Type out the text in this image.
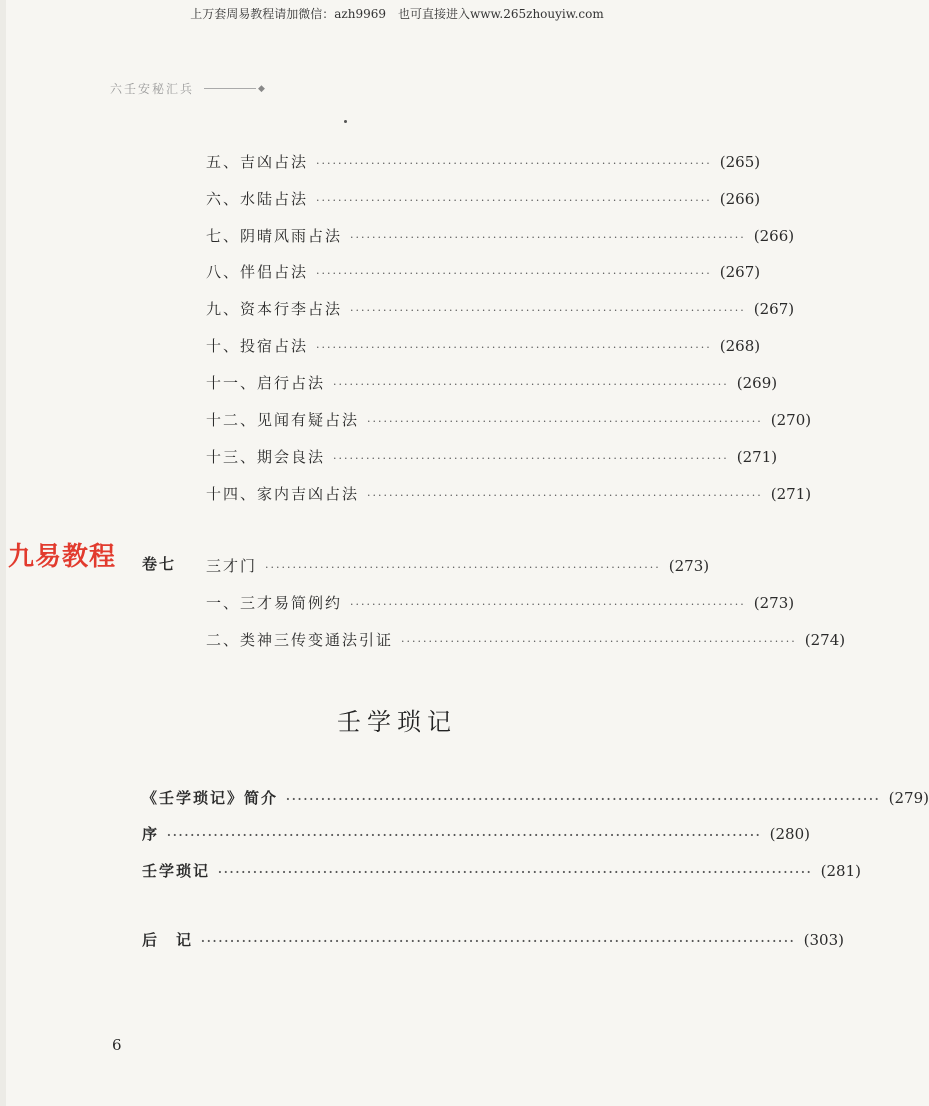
上万套周易教程请加微信：azh9969　也可直接进入www.265zhouyiw.com
六壬安秘汇兵	◆
五、吉凶占法 ········································································ (265)
六、水陆占法 ········································································ (266)
七、阴晴风雨占法 ········································································ (266)
八、伴侣占法 ········································································ (267)
九、资本行李占法 ········································································ (267)
十、投宿占法 ········································································ (268)
十一、启行占法 ········································································ (269)
十二、见闻有疑占法 ········································································ (270)
十三、期会良法 ········································································ (271)
十四、家内吉凶占法 ········································································ (271)
九易教程 卷七 三才门 ········································································ (273)
一、三才易简例约 ········································································ (273)
二、类神三传变通法引证 ········································································ (274)
壬学琐记
《壬学琐记》简介 ······································································································ (279)
序 ······································································································ (280)
壬学琐记 ······································································································ (281)
后　记 ······································································································ (303)
6
